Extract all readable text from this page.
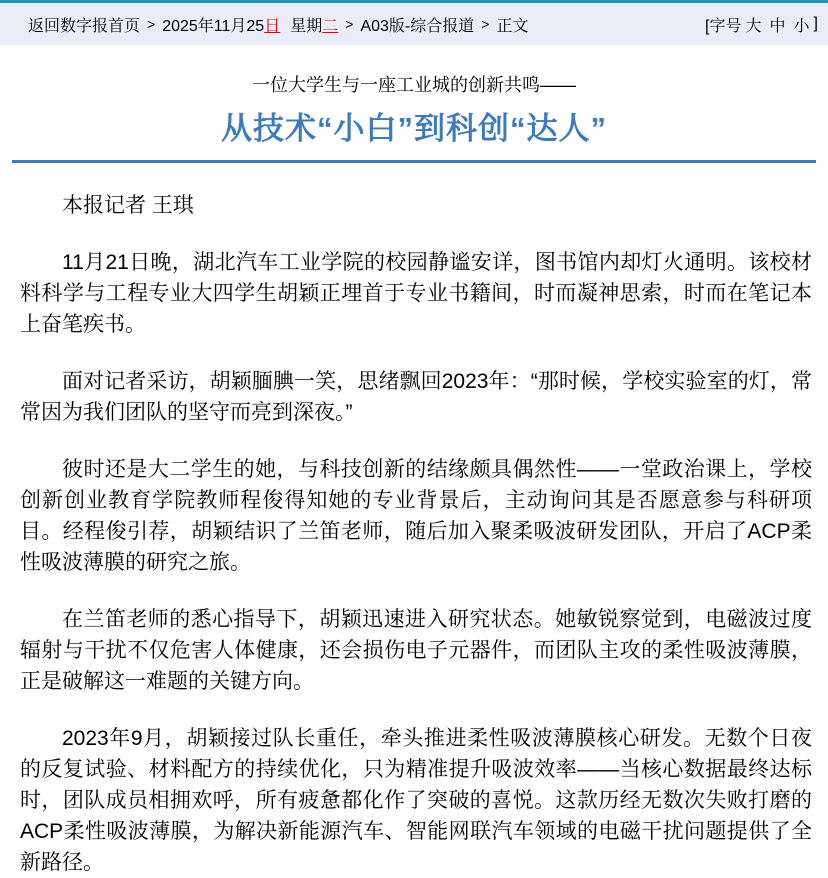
返回数字报首页 > 2025年11月25 日 星期 二 > A03版-综合报道 > 正文	[字号 大 中 小 ]
一位大学生与一座工业城的创新共鸣——
从技术“小白”到科创“达人”

本报记者 王琪

11月21日晚，湖北汽车工业学院的校园静谧安详，图书馆内却灯火通明。该校材料科学与工程专业大四学生胡颖正埋首于专业书籍间，时而凝神思索，时而在笔记本上奋笔疾书。

面对记者采访，胡颖腼腆一笑，思绪飘回2023年：“那时候，学校实验室的灯，常常因为我们团队的坚守而亮到深夜。”

彼时还是大二学生的她，与科技创新的结缘颇具偶然性——一堂政治课上，学校创新创业教育学院教师程俊得知她的专业背景后，主动询问其是否愿意参与科研项目。经程俊引荐，胡颖结识了兰笛老师，随后加入聚柔吸波研发团队，开启了ACP柔性吸波薄膜的研究之旅。

在兰笛老师的悉心指导下，胡颖迅速进入研究状态。她敏锐察觉到，电磁波过度辐射与干扰不仅危害人体健康，还会损伤电子元器件，而团队主攻的柔性吸波薄膜，正是破解这一难题的关键方向。

2023年9月，胡颖接过队长重任，牵头推进柔性吸波薄膜核心研发。无数个日夜的反复试验、材料配方的持续优化，只为精准提升吸波效率——当核心数据最终达标时，团队成员相拥欢呼，所有疲惫都化作了突破的喜悦。这款历经无数次失败打磨的 ACP柔性吸波薄膜，为解决新能源汽车、智能网联汽车领域的电磁干扰问题提供了全新路径。
